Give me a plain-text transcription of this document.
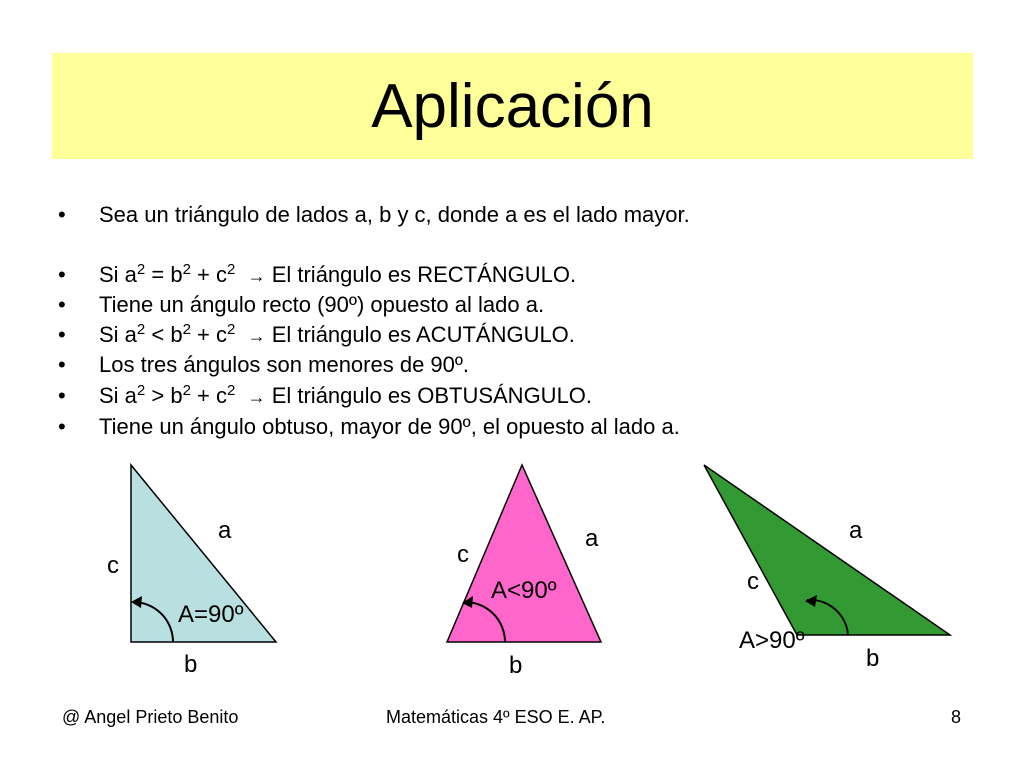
Aplicación
• Sea un triángulo de lados a, b y c, donde a es el lado mayor.
• Si $a^2 = b^2 + c^2 \to El$ triángulo es RECTÁNGULO.
• Tiene un ángulo recto (90º) opuesto al lado a.
• Si $a^2 < b^2 + c^2 \to El$ triángulo es ACUTÁNGULO.
• Los tres ángulos son menores de 90º.
• Si $a^2 > b^2 + c^2 \to El$ triángulo es OBTUSÁNGULO.
• Tiene un ángulo obtuso, mayor de 90º, el opuesto al lado a.
a
c
A=90º
b
a
c
A<90º
b
a
c
A>90º
b
@ Angel Prieto Benito	Matemáticas 4º ESO E. AP.	8
